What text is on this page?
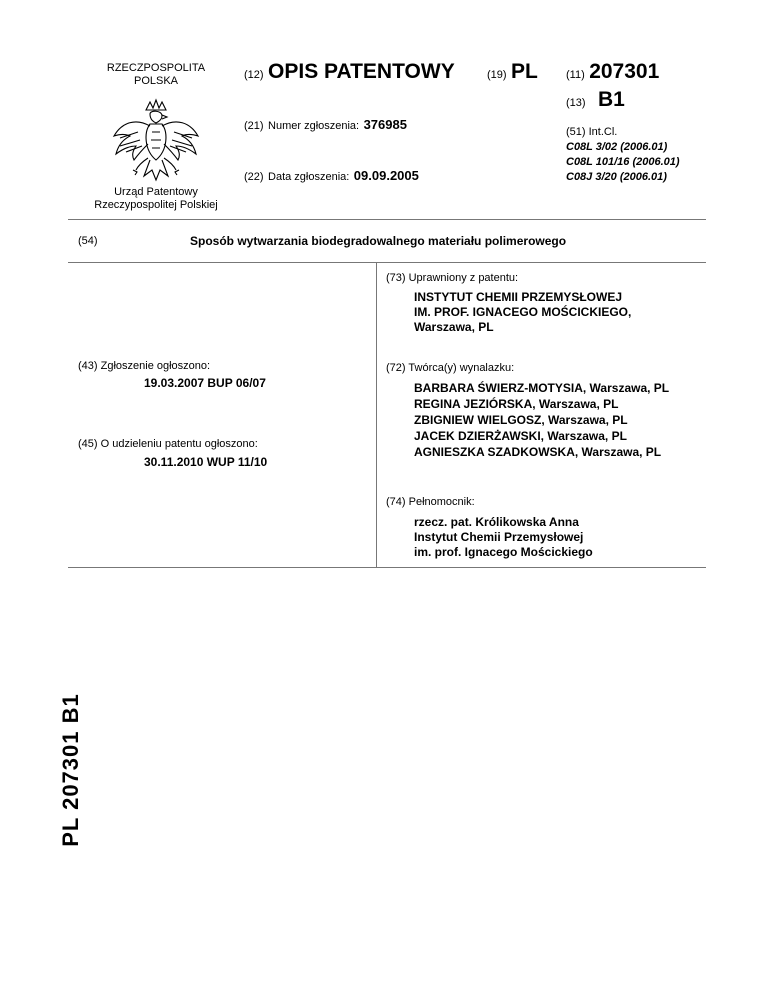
RZECZPOSPOLITA
POLSKA
Urząd Patentowy
Rzeczypospolitej Polskiej
(12) OPIS PATENTOWY	(19) PL	(11) 207301
(13) B1
(21) Numer zgłoszenia: 376985
(22) Data zgłoszenia: 09.09.2005
(51) Int.Cl.
C08L 3/02 (2006.01)
C08L 101/16 (2006.01)
C08J 3/20 (2006.01)
(54)	Sposób wytwarzania biodegradowalnego materiału polimerowego
(43) Zgłoszenie ogłoszono:
19.03.2007 BUP 06/07
(45) O udzieleniu patentu ogłoszono:
30.11.2010 WUP 11/10
(73) Uprawniony z patentu:
INSTYTUT CHEMII PRZEMYSŁOWEJ
IM. PROF. IGNACEGO MOŚCICKIEGO,
Warszawa, PL
(72) Twórca(y) wynalazku:
BARBARA ŚWIERZ-MOTYSIA, Warszawa, PL
REGINA JEZIÓRSKA, Warszawa, PL
ZBIGNIEW WIELGOSZ, Warszawa, PL
JACEK DZIERŻAWSKI, Warszawa, PL
AGNIESZKA SZADKOWSKA, Warszawa, PL
(74) Pełnomocnik:
rzecz. pat. Królikowska Anna
Instytut Chemii Przemysłowej
im. prof. Ignacego Mościckiego
PL 207301 B1
